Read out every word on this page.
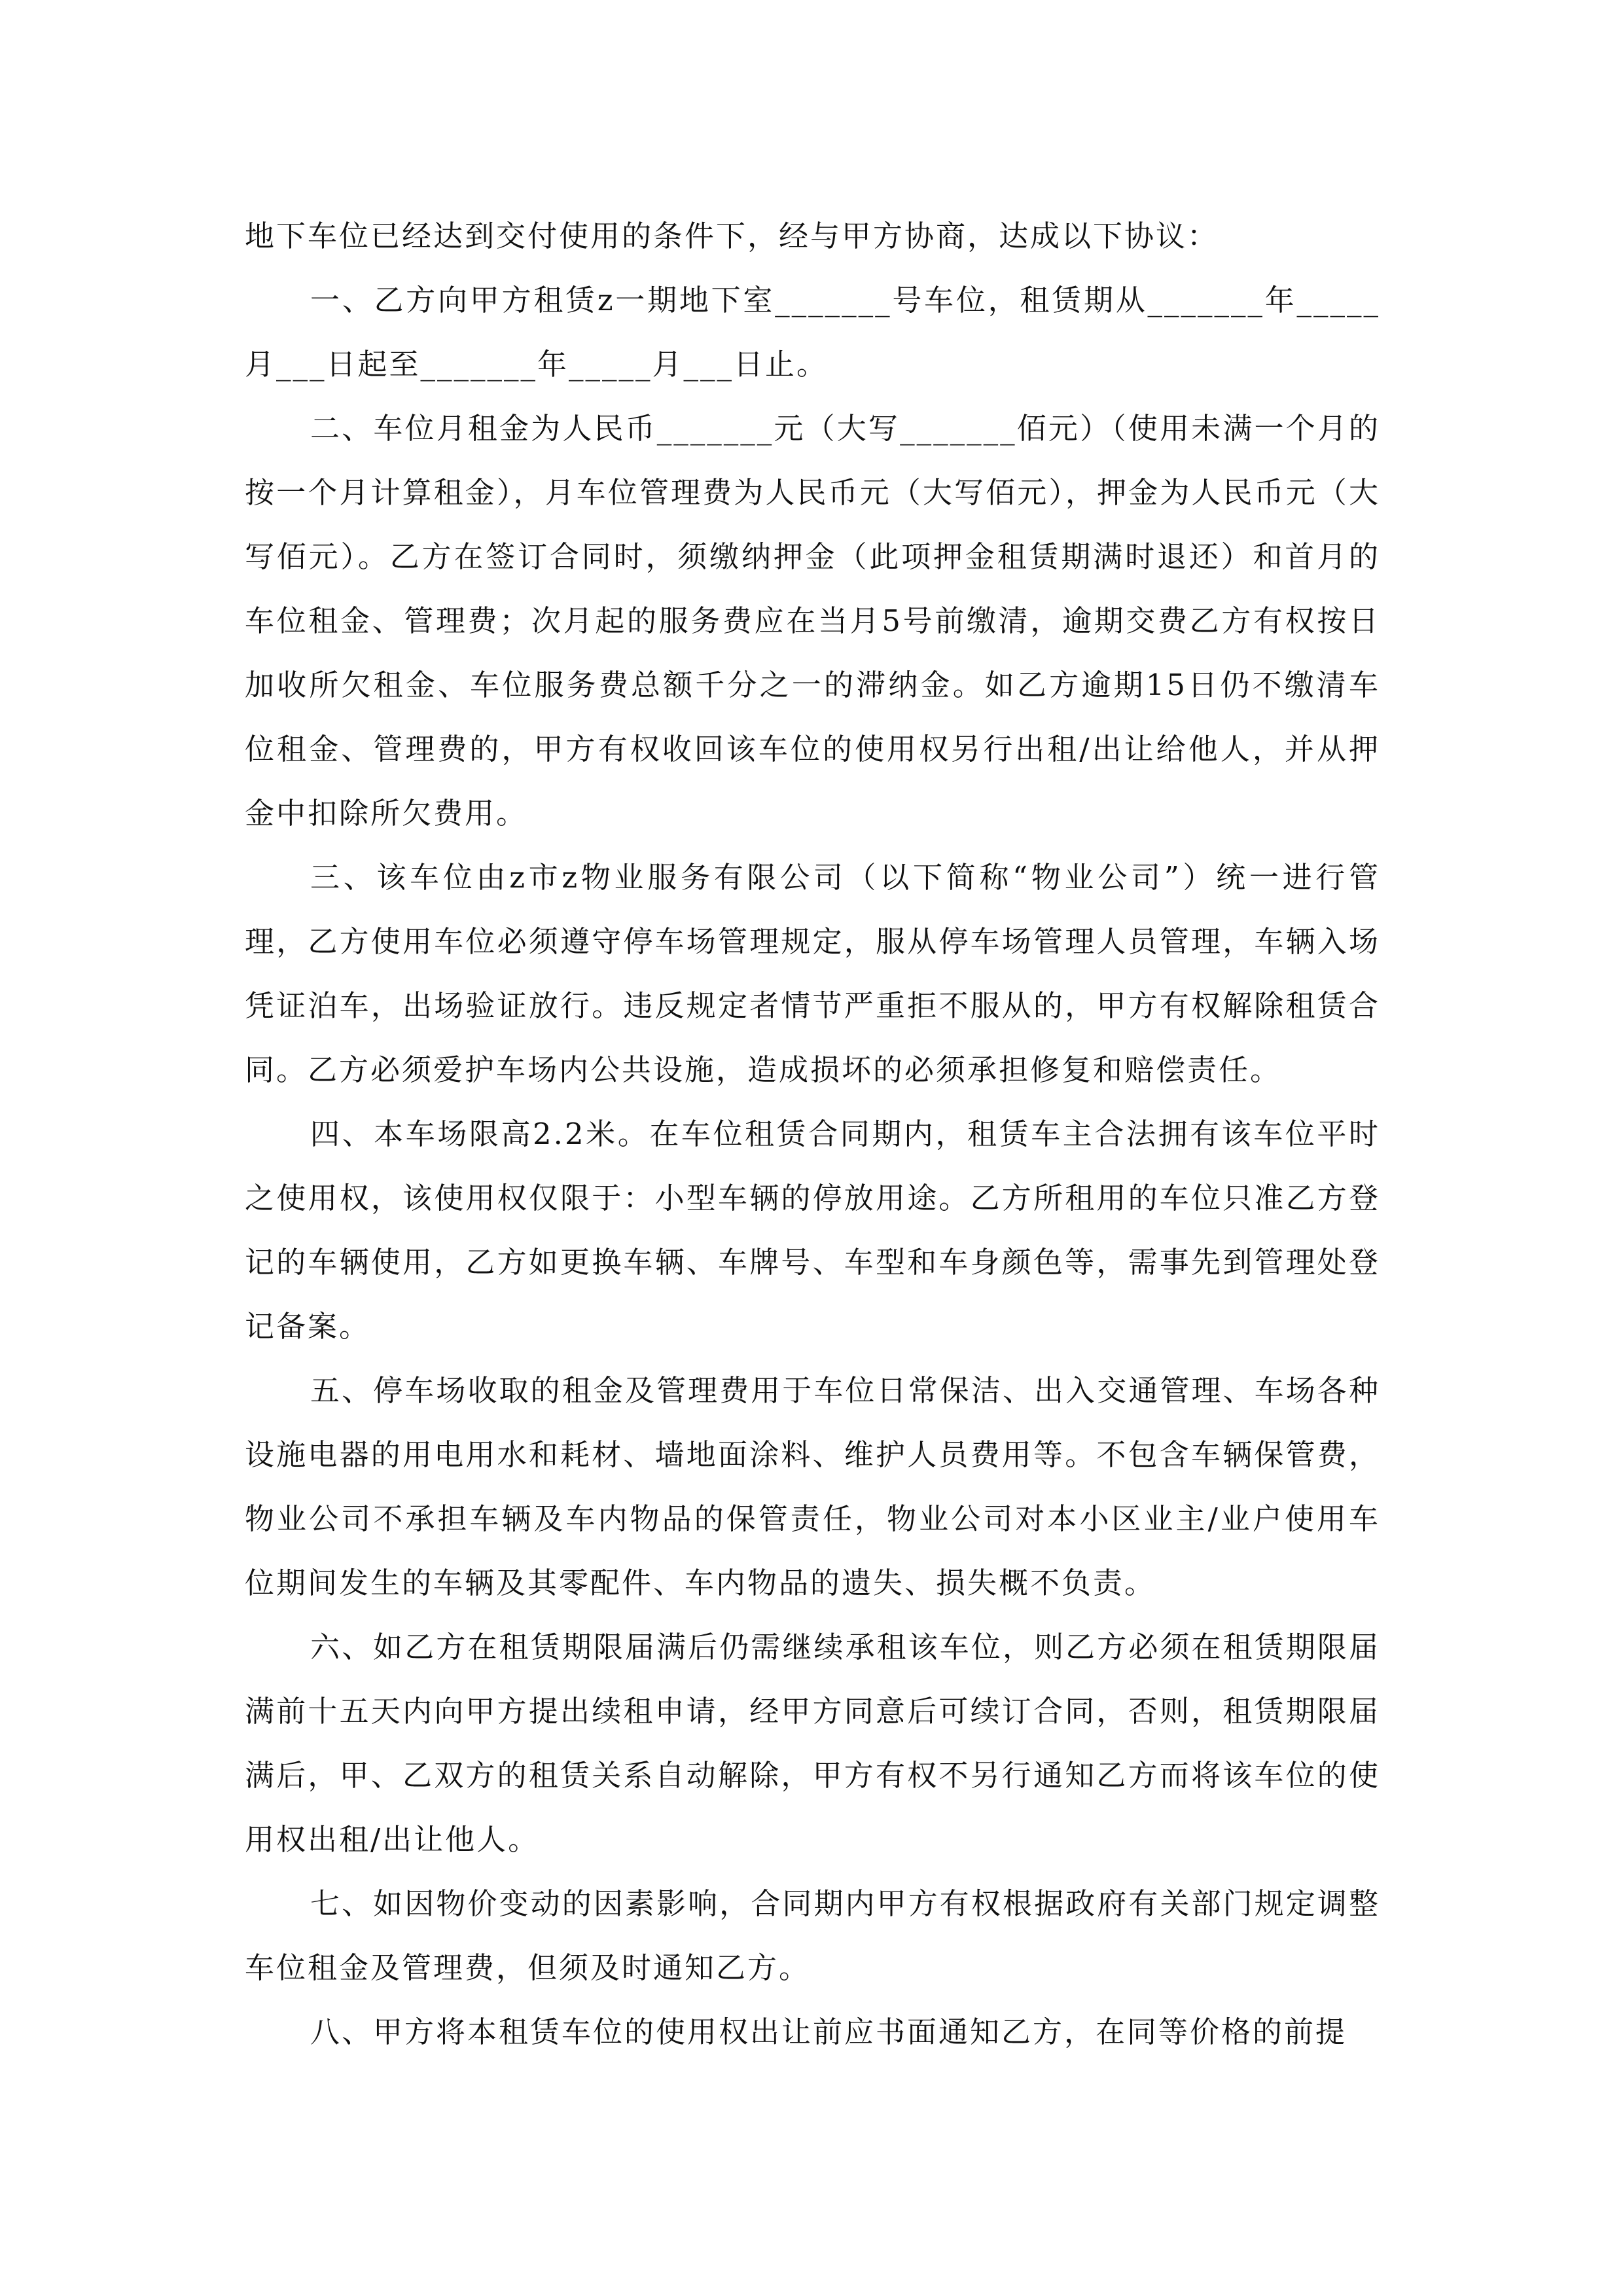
地下车位已经达到交付使用的条件下，经与甲方协商，达成以下协议：

一、乙方向甲方租赁z一期地下室_______号车位，租赁期从_______年_____月___日起至_______年_____月___日止。

二、车位月租金为人民币_______元（大写_______佰元）（使用未满一个月的按一个月计算租金），月车位管理费为人民币元（大写佰元），押金为人民币元（大写佰元）。乙方在签订合同时，须缴纳押金（此项押金租赁期满时退还）和首月的车位租金、管理费；次月起的服务费应在当月5号前缴清，逾期交费乙方有权按日加收所欠租金、车位服务费总额千分之一的滞纳金。如乙方逾期15日仍不缴清车位租金、管理费的，甲方有权收回该车位的使用权另行出租/出让给他人，并从押金中扣除所欠费用。

三、该车位由z市z物业服务有限公司（以下简称“物业公司”）统一进行管理，乙方使用车位必须遵守停车场管理规定，服从停车场管理人员管理，车辆入场凭证泊车，出场验证放行。违反规定者情节严重拒不服从的，甲方有权解除租赁合同。乙方必须爱护车场内公共设施，造成损坏的必须承担修复和赔偿责任。

四、本车场限高2.2米。在车位租赁合同期内，租赁车主合法拥有该车位平时之使用权，该使用权仅限于：小型车辆的停放用途。乙方所租用的车位只准乙方登记的车辆使用，乙方如更换车辆、车牌号、车型和车身颜色等，需事先到管理处登记备案。

五、停车场收取的租金及管理费用于车位日常保洁、出入交通管理、车场各种设施电器的用电用水和耗材、墙地面涂料、维护人员费用等。不包含车辆保管费，物业公司不承担车辆及车内物品的保管责任，物业公司对本小区业主/业户使用车位期间发生的车辆及其零配件、车内物品的遗失、损失概不负责。

六、如乙方在租赁期限届满后仍需继续承租该车位，则乙方必须在租赁期限届满前十五天内向甲方提出续租申请，经甲方同意后可续订合同，否则，租赁期限届满后，甲、乙双方的租赁关系自动解除，甲方有权不另行通知乙方而将该车位的使用权出租/出让他人。

七、如因物价变动的因素影响，合同期内甲方有权根据政府有关部门规定调整车位租金及管理费，但须及时通知乙方。

八、甲方将本租赁车位的使用权出让前应书面通知乙方，在同等价格的前提
